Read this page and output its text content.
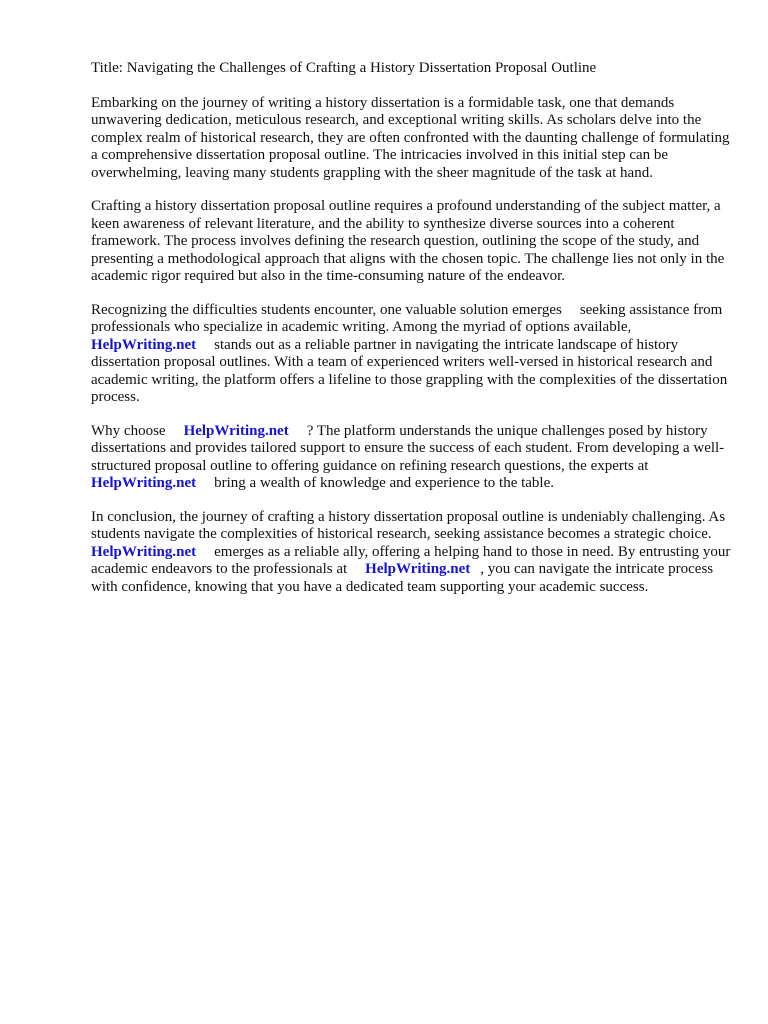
Title: Navigating the Challenges of Crafting a History Dissertation Proposal Outline

Embarking on the journey of writing a history dissertation is a formidable task, one that demands unwavering dedication, meticulous research, and exceptional writing skills. As scholars delve into the complex realm of historical research, they are often confronted with the daunting challenge of formulating a comprehensive dissertation proposal outline. The intricacies involved in this initial step can be overwhelming, leaving many students grappling with the sheer magnitude of the task at hand.

Crafting a history dissertation proposal outline requires a profound understanding of the subject matter, a keen awareness of relevant literature, and the ability to synthesize diverse sources into a coherent framework. The process involves defining the research question, outlining the scope of the study, and presenting a methodological approach that aligns with the chosen topic. The challenge lies not only in the academic rigor required but also in the time-consuming nature of the endeavor.

Recognizing the difficulties students encounter, one valuable solution emerges seeking assistance from professionals who specialize in academic writing. Among the myriad of options available, HelpWriting.net stands out as a reliable partner in navigating the intricate landscape of history dissertation proposal outlines. With a team of experienced writers well-versed in historical research and academic writing, the platform offers a lifeline to those grappling with the complexities of the dissertation process.

Why choose HelpWriting.net ? The platform understands the unique challenges posed by history dissertations and provides tailored support to ensure the success of each student. From developing a well-structured proposal outline to offering guidance on refining research questions, the experts atHelpWriting.net bring a wealth of knowledge and experience to the table.

In conclusion, the journey of crafting a history dissertation proposal outline is undeniably challenging. As students navigate the complexities of historical research, seeking assistance becomes a strategic choice.HelpWriting.net emerges as a reliable ally, offering a helping hand to those in need. By entrusting your academic endeavors to the professionals at HelpWriting.net , you can navigate the intricate process with confidence, knowing that you have a dedicated team supporting your academic success.
